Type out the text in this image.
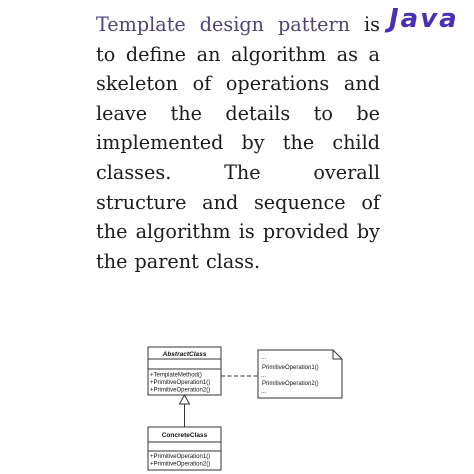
Template design pattern is to define an algorithm as a skeleton of operations and leave the details to be implemented by the child classes. The overall structure and sequence of the algorithm is provided by the parent class.
Java
AbstractClass
+TemplateMethod()
+PrimitiveOperation1()
+PrimitiveOperation2()
...
PrimitiveOperation1()
...
PrimitiveOperation2()
...
ConcreteClass
+PrimitiveOperation1()
+PrimitiveOperation2()
